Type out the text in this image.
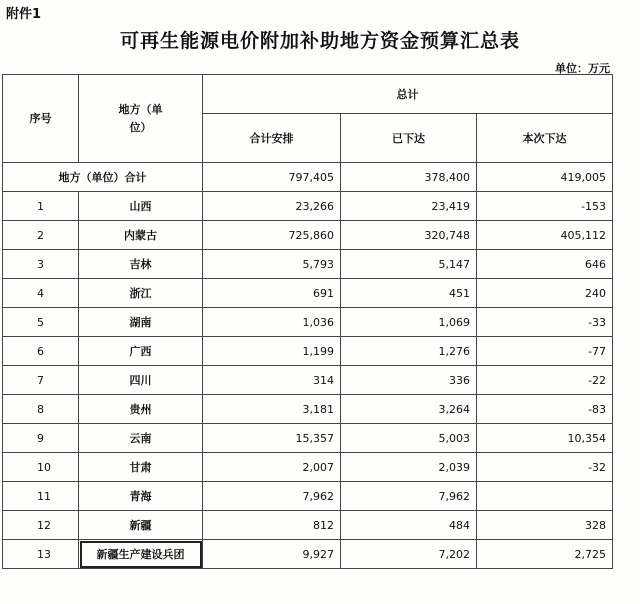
附件1
可再生能源电价附加补助地方资金预算汇总表
单位：万元
序号	地方（单位）	总计		
		合计安排	已下达	本次下达
地方（单位）合计		797,405	378,400	419,005
1	山西	23,266	23,419	-153
2	内蒙古	725,860	320,748	405,112
3	吉林	5,793	5,147	646
4	浙江	691	451	240
5	湖南	1,036	1,069	-33
6	广西	1,199	1,276	-77
7	四川	314	336	-22
8	贵州	3,181	3,264	-83
9	云南	15,357	5,003	10,354
10	甘肃	2,007	2,039	-32
11	青海	7,962	7,962	
12	新疆	812	484	328
13	新疆生产建设兵团	9,927	7,202	2,725
